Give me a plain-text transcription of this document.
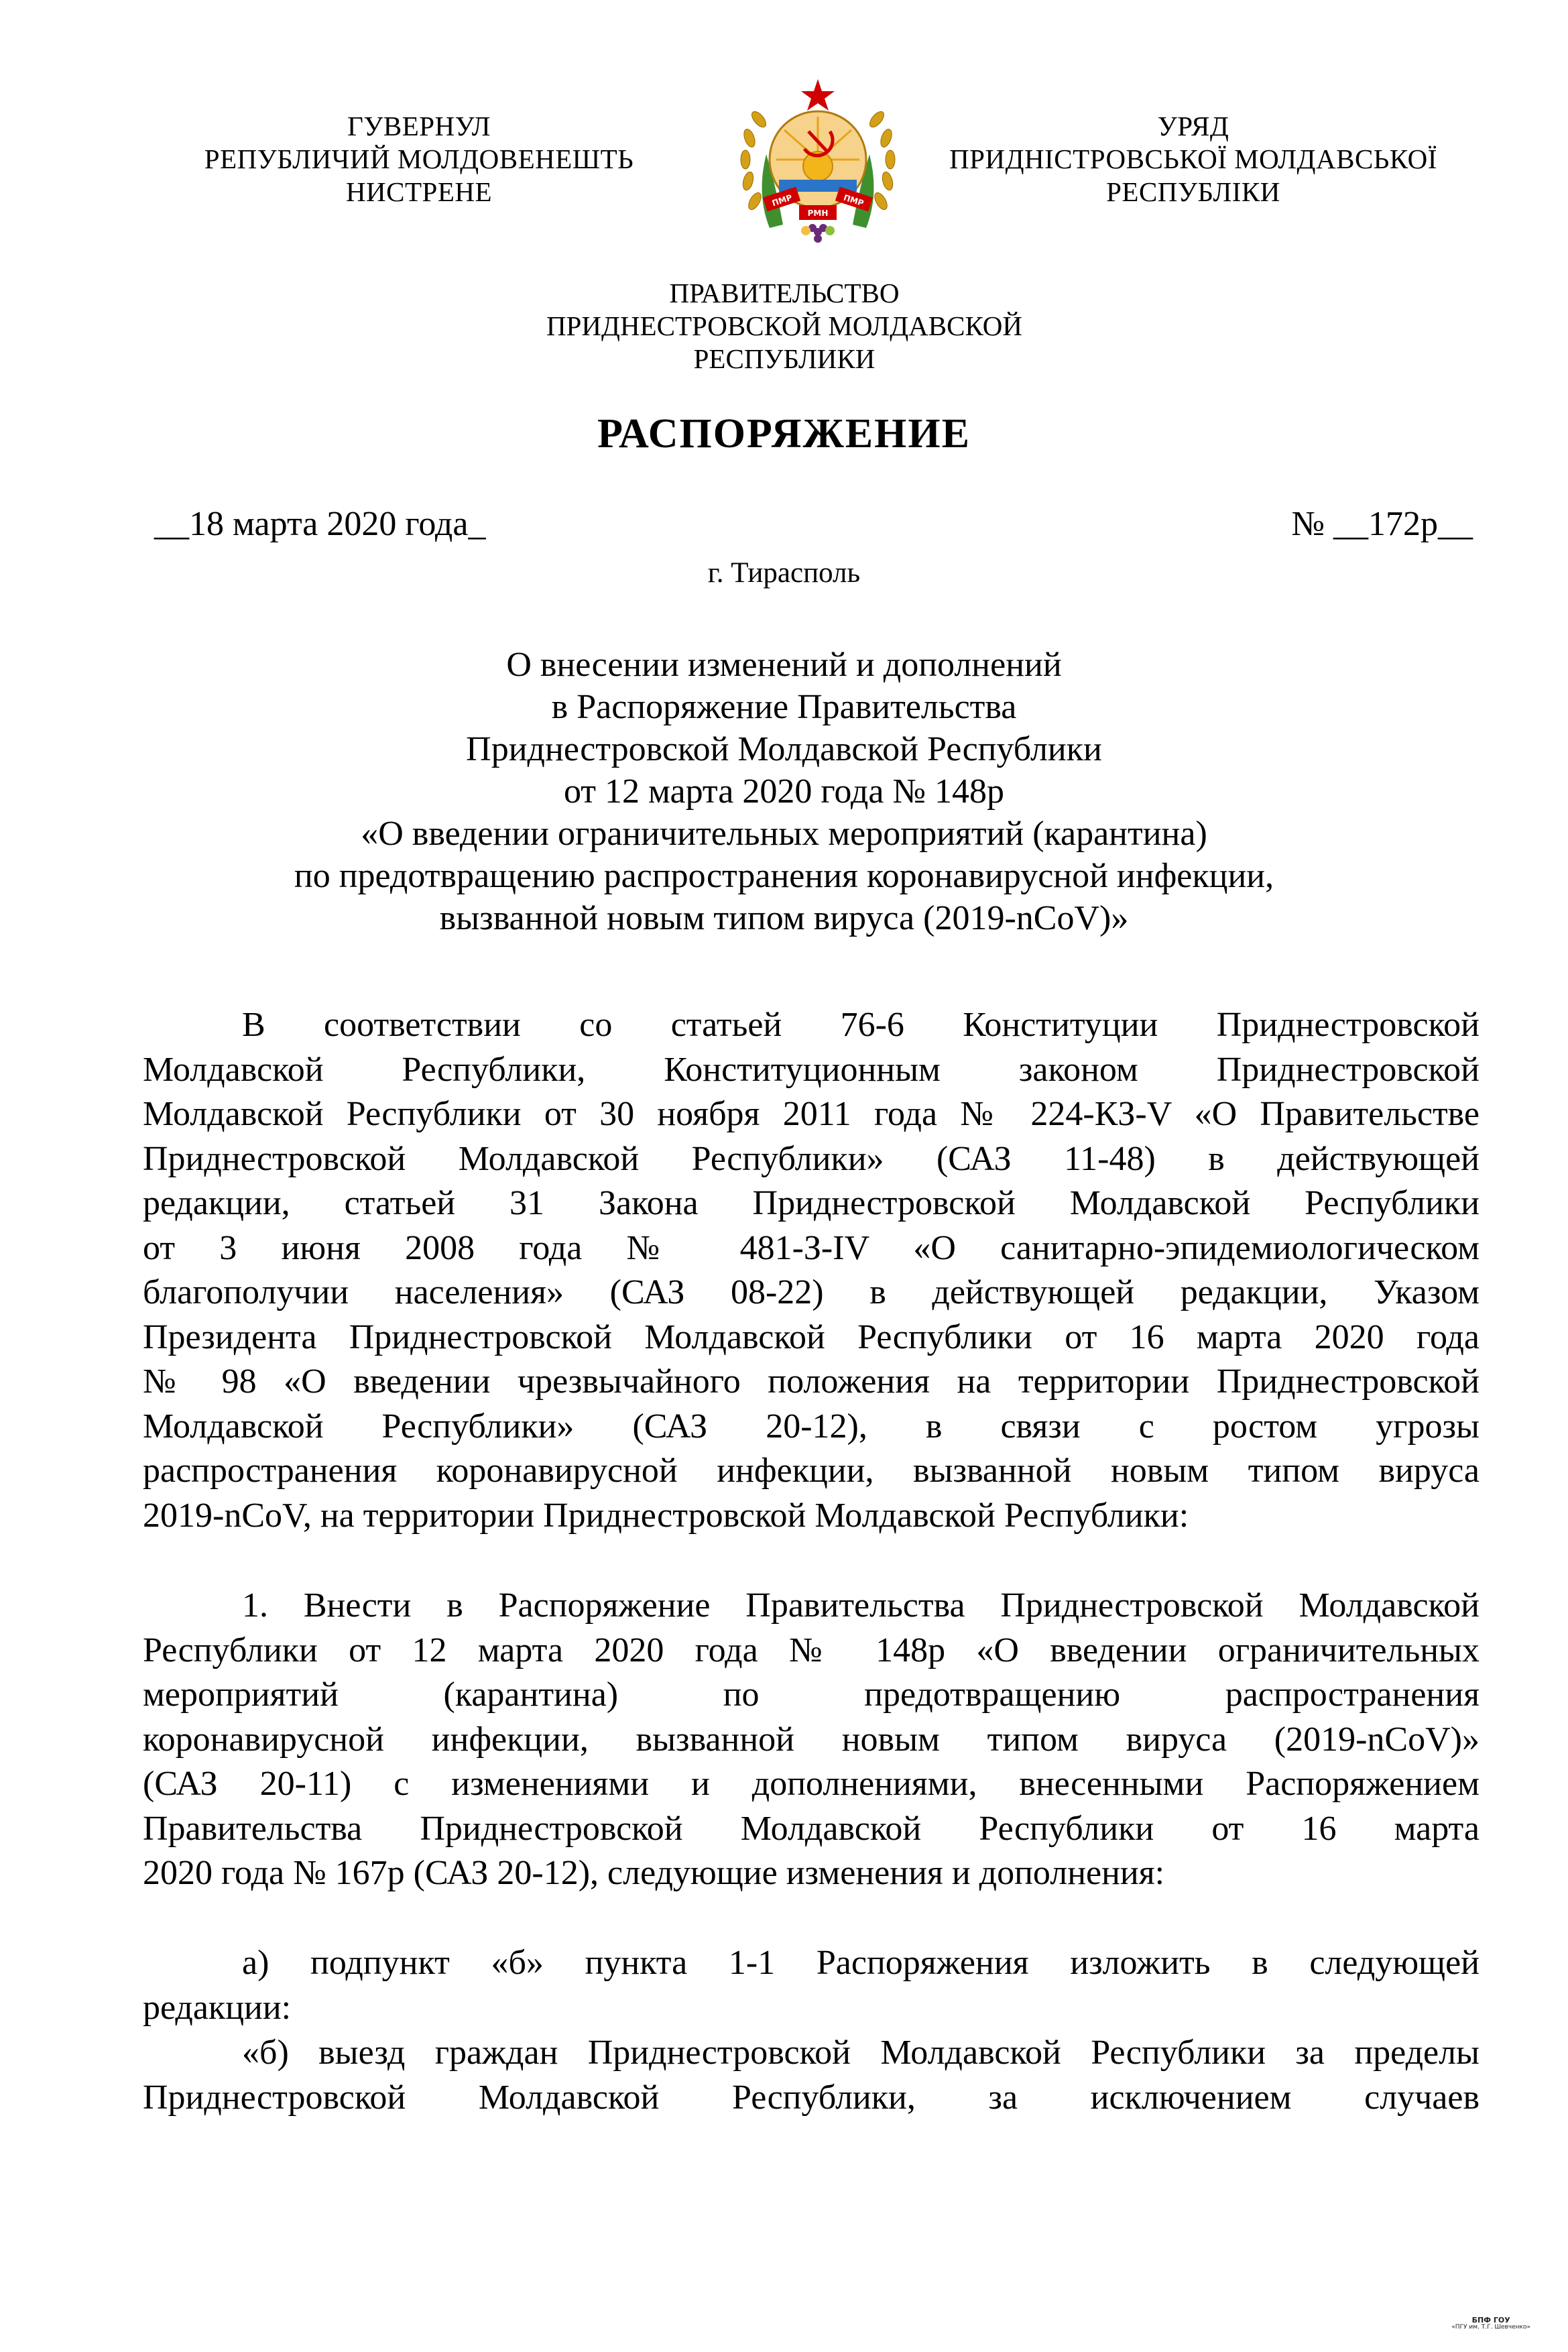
ГУВЕРНУЛ
РЕПУБЛИЧИЙ МОЛДОВЕНЕШТЬ
НИСТРЕНЕ	ПМР
РМН
ПМР
УРЯД
ПРИДНІСТРОВСЬКОЇ МОЛДАВСЬКОЇ
РЕСПУБЛІКИ
ПРАВИТЕЛЬСТВО
ПРИДНЕСТРОВСКОЙ МОЛДАВСКОЙ
РЕСПУБЛИКИ
РАСПОРЯЖЕНИЕ
__18 марта 2020 года_	№ __172р__
г. Тирасполь
О внесении изменений и дополнений
в Распоряжение Правительства
Приднестровской Молдавской Республики
от 12 марта 2020 года № 148р
«О введении ограничительных мероприятий (карантина)
по предотвращению распространения коронавирусной инфекции,
вызванной новым типом вируса (2019-nCoV)»
В соответствии со статьей 76-6 Конституции Приднестровской
Молдавской Республики, Конституционным законом Приднестровской
Молдавской Республики от 30 ноября 2011 года № 224-КЗ-V «О Правительстве
Приднестровской Молдавской Республики» (САЗ 11-48) в действующей
редакции, статьей 31 Закона Приднестровской Молдавской Республики
от 3 июня 2008 года № 481-З-IV «О санитарно-эпидемиологическом
благополучии населения» (САЗ 08-22) в действующей редакции, Указом
Президента Приднестровской Молдавской Республики от 16 марта 2020 года
№ 98 «О введении чрезвычайного положения на территории Приднестровской
Молдавской Республики» (САЗ 20-12), в связи с ростом угрозы
распространения коронавирусной инфекции, вызванной новым типом вируса
2019-nCoV, на территории Приднестровской Молдавской Республики:
1. Внести в Распоряжение Правительства Приднестровской Молдавской
Республики от 12 марта 2020 года № 148р «О введении ограничительных
мероприятий (карантина) по предотвращению распространения
коронавирусной инфекции, вызванной новым типом вируса (2019-nCoV)»
(САЗ 20-11) с изменениями и дополнениями, внесенными Распоряжением
Правительства Приднестровской Молдавской Республики от 16 марта
2020 года № 167р (САЗ 20-12), следующие изменения и дополнения:
а) подпункт «б» пункта 1-1 Распоряжения изложить в следующей
редакции:
«б) выезд граждан Приднестровской Молдавской Республики за пределы
Приднестровской Молдавской Республики, за исключением случаев
БПФ ГОУ
«ПГУ им. Т.Г. Шевченко»
